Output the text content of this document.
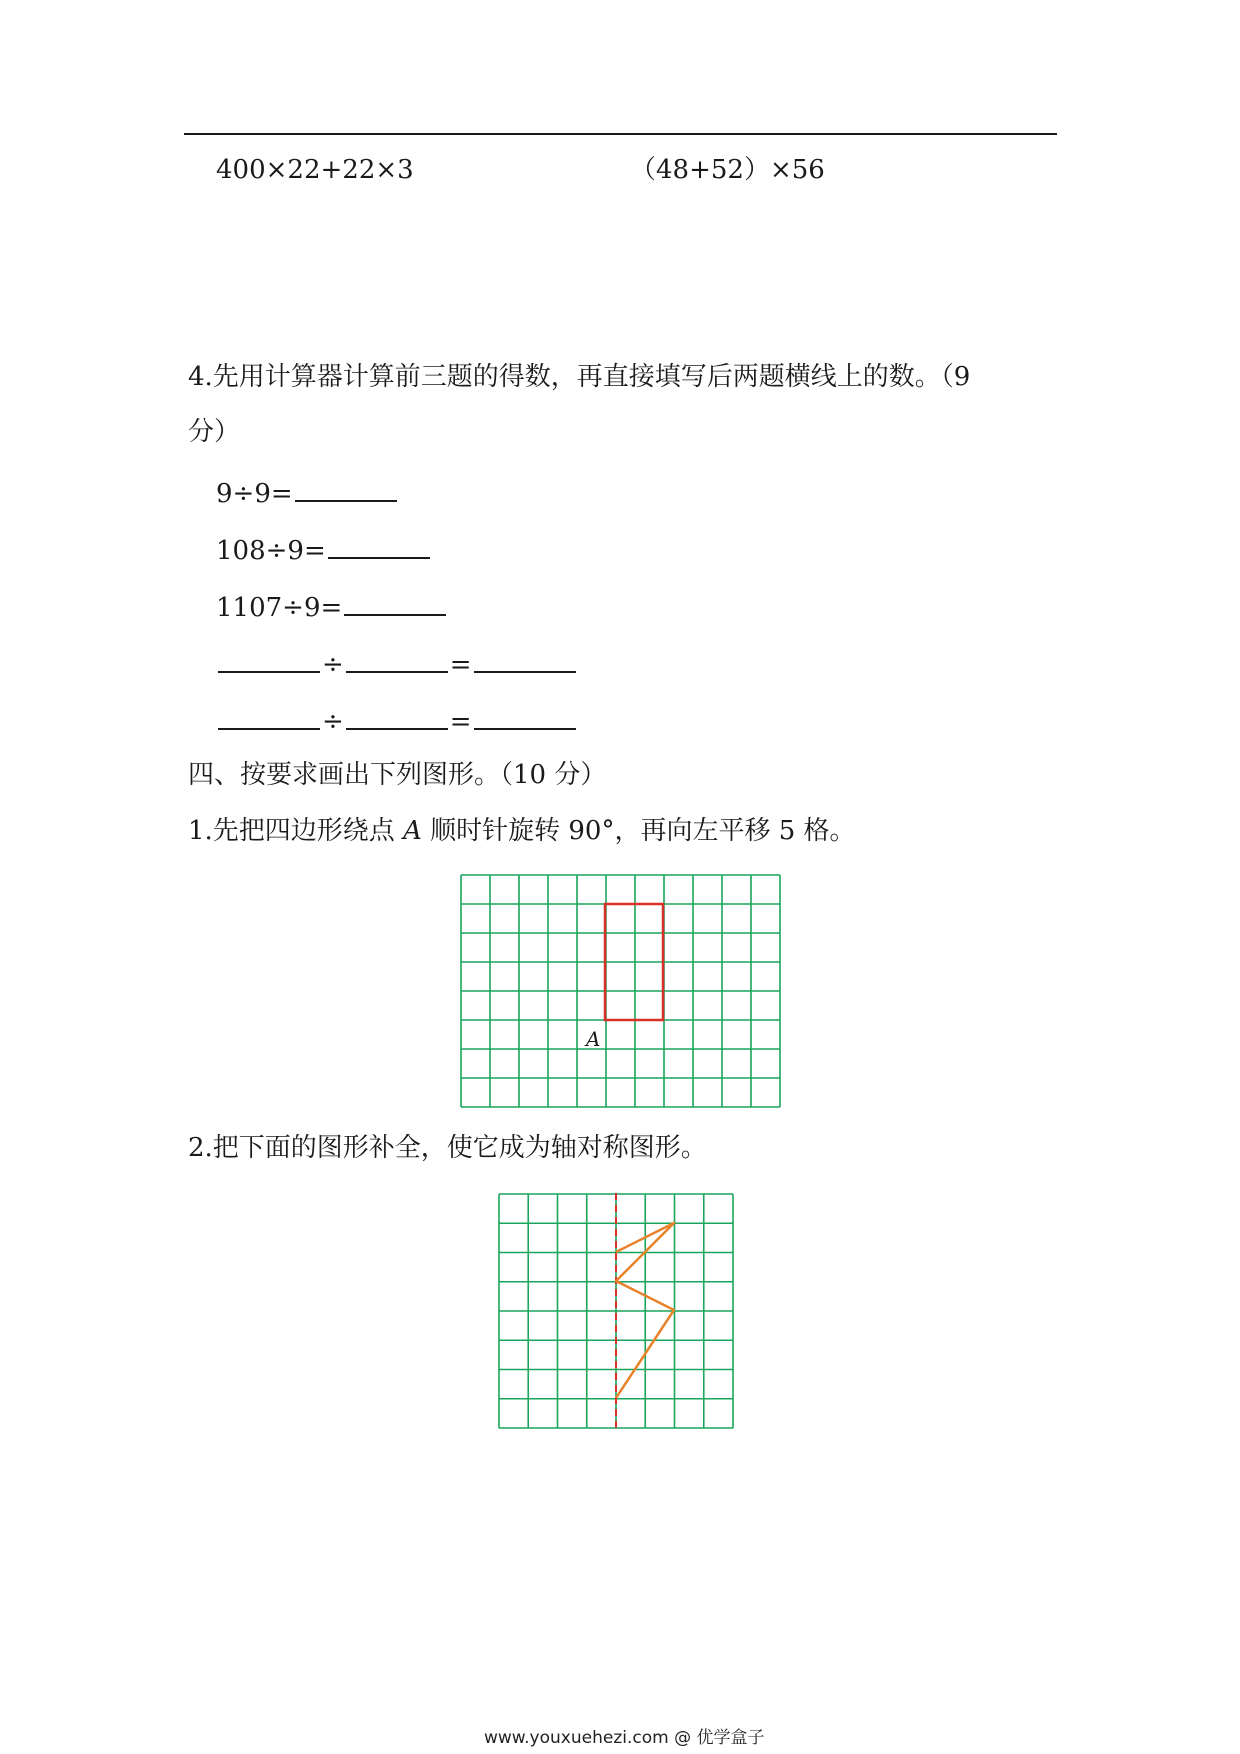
400×22+22×3	（48+52）×56
4.先用计算器计算前三题的得数，再直接填写后两题横线上的数。（9
分）
9÷9=
108÷9=
1107÷9=
÷	=
÷	=
四、按要求画出下列图形。（10 分）
1.先把四边形绕点 A 顺时针旋转 90°，再向左平移 5 格。
A
2.把下面的图形补全，使它成为轴对称图形。
www.youxuehezi.com @ 优学盒子
